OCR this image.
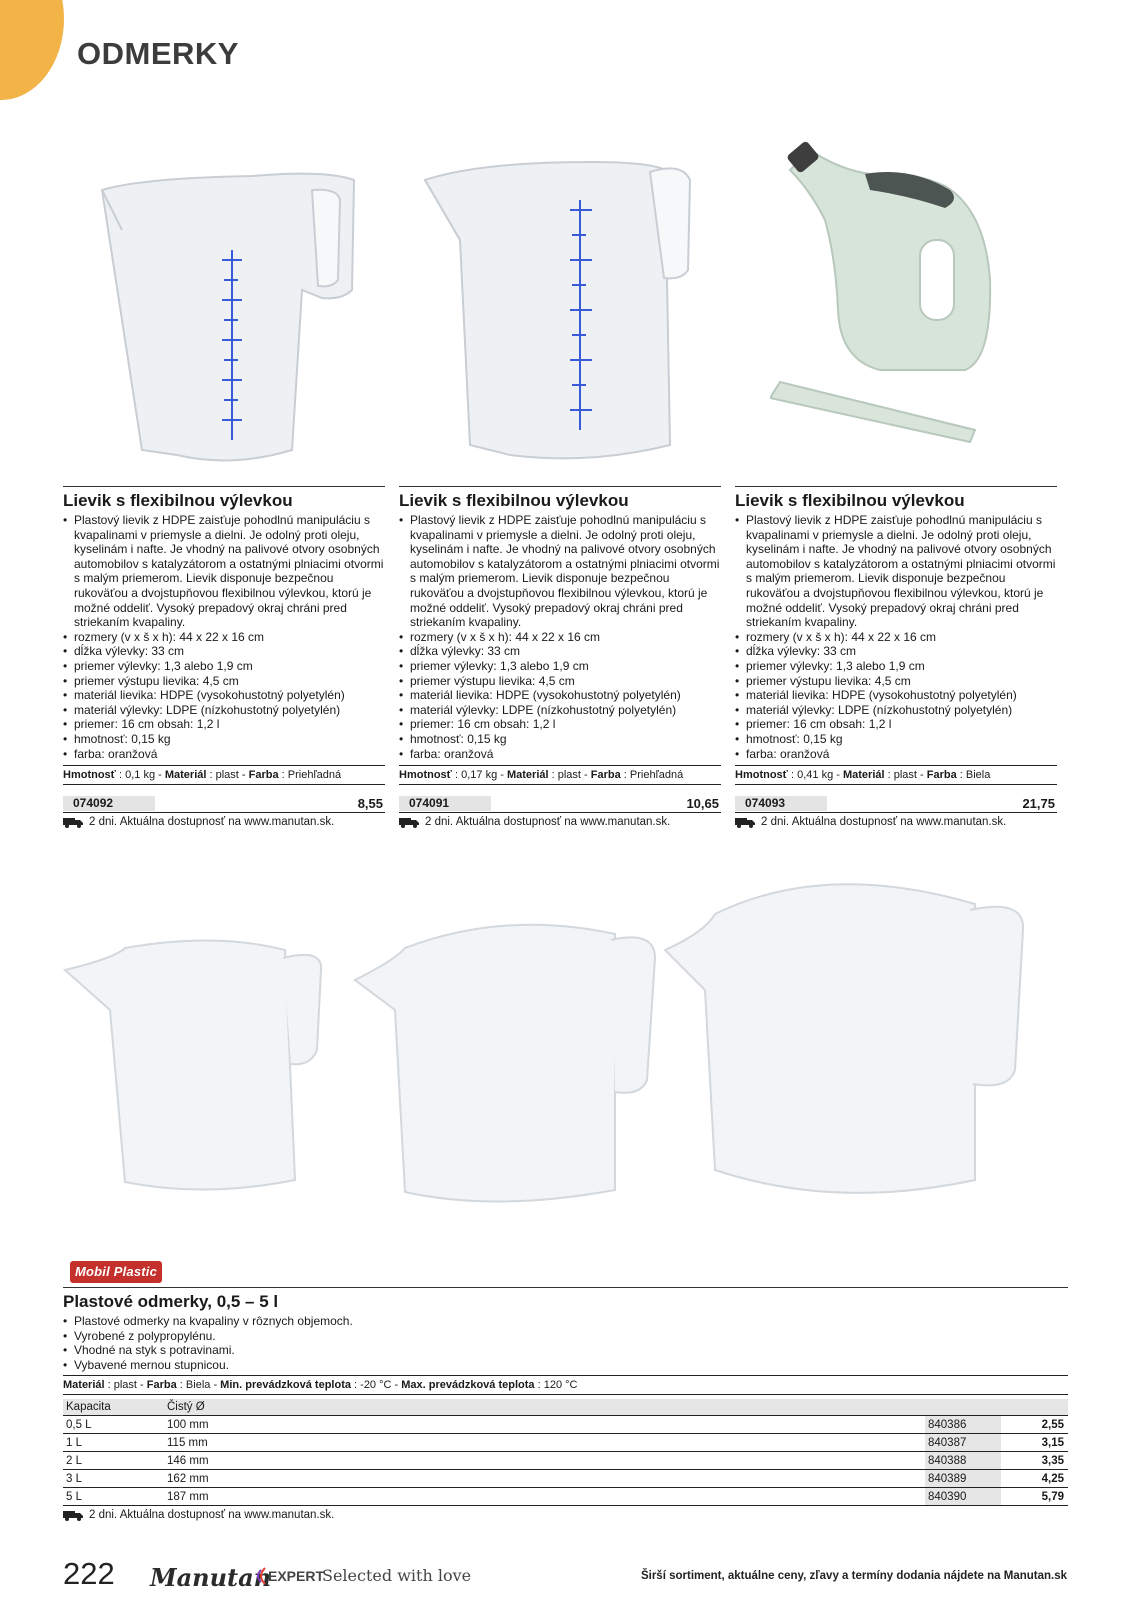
ODMERKY
Lievik s flexibilnou výlevkou
• Plastový lievik z HDPE zaisťuje pohodlnú manipuláciu s kvapalinami v priemysle a dielni. Je odolný proti oleju, kyselinám i nafte. Je vhodný na palivové otvory osobných automobilov s katalyzátorom a ostatnými plniacimi otvormi s malým priemerom. Lievik disponuje bezpečnou rukoväťou a dvojstupňovou flexibilnou výlevkou, ktorú je možné oddeliť. Vysoký prepadový okraj chráni pred striekaním kvapaliny.
• rozmery (v x š x h): 44 x 22 x 16 cm
• dĺžka výlevky: 33 cm
• priemer výlevky: 1,3 alebo 1,9 cm
• priemer výstupu lievika: 4,5 cm
• materiál lievika: HDPE (vysokohustotný polyetylén)
• materiál výlevky: LDPE (nízkohustotný polyetylén)
• priemer: 16 cm obsah: 1,2 l
• hmotnosť: 0,15 kg
• farba: oranžová
Hmotnosť : 0,1 kg - Materiál : plast - Farba : Priehľadná
074092	8,55
2 dni. Aktuálna dostupnosť na www.manutan.sk.
Lievik s flexibilnou výlevkou
• Plastový lievik z HDPE zaisťuje pohodlnú manipuláciu s kvapalinami v priemysle a dielni. Je odolný proti oleju, kyselinám i nafte. Je vhodný na palivové otvory osobných automobilov s katalyzátorom a ostatnými plniacimi otvormi s malým priemerom. Lievik disponuje bezpečnou rukoväťou a dvojstupňovou flexibilnou výlevkou, ktorú je možné oddeliť. Vysoký prepadový okraj chráni pred striekaním kvapaliny.
• rozmery (v x š x h): 44 x 22 x 16 cm
• dĺžka výlevky: 33 cm
• priemer výlevky: 1,3 alebo 1,9 cm
• priemer výstupu lievika: 4,5 cm
• materiál lievika: HDPE (vysokohustotný polyetylén)
• materiál výlevky: LDPE (nízkohustotný polyetylén)
• priemer: 16 cm obsah: 1,2 l
• hmotnosť: 0,15 kg
• farba: oranžová
Hmotnosť : 0,17 kg - Materiál : plast - Farba : Priehľadná
074091	10,65
2 dni. Aktuálna dostupnosť na www.manutan.sk.
Lievik s flexibilnou výlevkou
• Plastový lievik z HDPE zaisťuje pohodlnú manipuláciu s kvapalinami v priemysle a dielni. Je odolný proti oleju, kyselinám i nafte. Je vhodný na palivové otvory osobných automobilov s katalyzátorom a ostatnými plniacimi otvormi s malým priemerom. Lievik disponuje bezpečnou rukoväťou a dvojstupňovou flexibilnou výlevkou, ktorú je možné oddeliť. Vysoký prepadový okraj chráni pred striekaním kvapaliny.
• rozmery (v x š x h): 44 x 22 x 16 cm
• dĺžka výlevky: 33 cm
• priemer výlevky: 1,3 alebo 1,9 cm
• priemer výstupu lievika: 4,5 cm
• materiál lievika: HDPE (vysokohustotný polyetylén)
• materiál výlevky: LDPE (nízkohustotný polyetylén)
• priemer: 16 cm obsah: 1,2 l
• hmotnosť: 0,15 kg
• farba: oranžová
Hmotnosť : 0,41 kg - Materiál : plast - Farba : Biela
074093	21,75
2 dni. Aktuálna dostupnosť na www.manutan.sk.
Mobil Plastic
Plastové odmerky, 0,5 – 5 l
• Plastové odmerky na kvapaliny v rôznych objemoch.
• Vyrobené z polypropylénu.
• Vhodné na styk s potravinami.
• Vybavené mernou stupnicou.
Materiál : plast - Farba : Biela - Min. prevádzková teplota : -20 °C - Max. prevádzková teplota : 120 °C
Kapacita	Čistý Ø		
0,5 L	100 mm	840386	2,55
1 L	115 mm	840387	3,15
2 L	146 mm	840388	3,35
3 L	162 mm	840389	4,25
5 L	187 mm	840390	5,79
2 dni. Aktuálna dostupnosť na www.manutan.sk.
222 Manutan
EXPERT
Selected with love	Širší sortiment, aktuálne ceny, zľavy a termíny dodania nájdete na Manutan.sk
